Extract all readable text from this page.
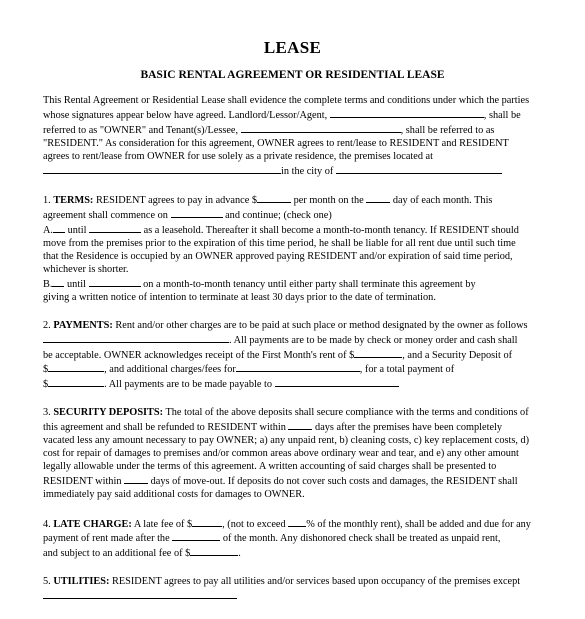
LEASE
BASIC RENTAL AGREEMENT OR RESIDENTIAL LEASE
This Rental Agreement or Residential Lease shall evidence the complete terms and conditions under which the parties
whose signatures appear below have agreed. Landlord/Lessor/Agent,	, shall be
referred to as "OWNER" and Tenant(s)/Lessee,	, shall be referred to as
"RESIDENT." As consideration for this agreement, OWNER agrees to rent/lease to RESIDENT and RESIDENT
agrees to rent/lease from OWNER for use solely as a private residence, the premises located at
in the city of
1. TERMS: RESIDENT agrees to pay in advance $	per month on the	day of each month. This
agreement shall commence on	and continue; (check one)
A. until	as a leasehold. Thereafter it shall become a month-to-month tenancy. If RESIDENT should
move from the premises prior to the expiration of this time period, he shall be liable for all rent due until such time
that the Residence is occupied by an OWNER approved paying RESIDENT and/or expiration of said time period,
whichever is shorter.
B. until	on a month-to-month tenancy until either party shall terminate this agreement by
giving a written notice of intention to terminate at least 30 days prior to the date of termination.
2. PAYMENTS: Rent and/or other charges are to be paid at such place or method designated by the owner as follows
. All payments are to be made by check or money order and cash shall
be acceptable. OWNER acknowledges receipt of the First Month's rent of $	, and a Security Deposit of
$	, and additional charges/fees for	, for a total payment of
$	. All payments are to be made payable to
3. SECURITY DEPOSITS: The total of the above deposits shall secure compliance with the terms and conditions of
this agreement and shall be refunded to RESIDENT within	days after the premises have been completely
vacated less any amount necessary to pay OWNER; a) any unpaid rent, b) cleaning costs, c) key replacement costs, d)
cost for repair of damages to premises and/or common areas above ordinary wear and tear, and e) any other amount
legally allowable under the terms of this agreement. A written accounting of said charges shall be presented to
RESIDENT within	days of move-out. If deposits do not cover such costs and damages, the RESIDENT shall
immediately pay said additional costs for damages to OWNER.
4. LATE CHARGE: A late fee of $	, (not to exceed % of the monthly rent), shall be added and due for any
payment of rent made after the	of the month. Any dishonored check shall be treated as unpaid rent,
and subject to an additional fee of $	.
5. UTILITIES: RESIDENT agrees to pay all utilities and/or services based upon occupancy of the premises except
